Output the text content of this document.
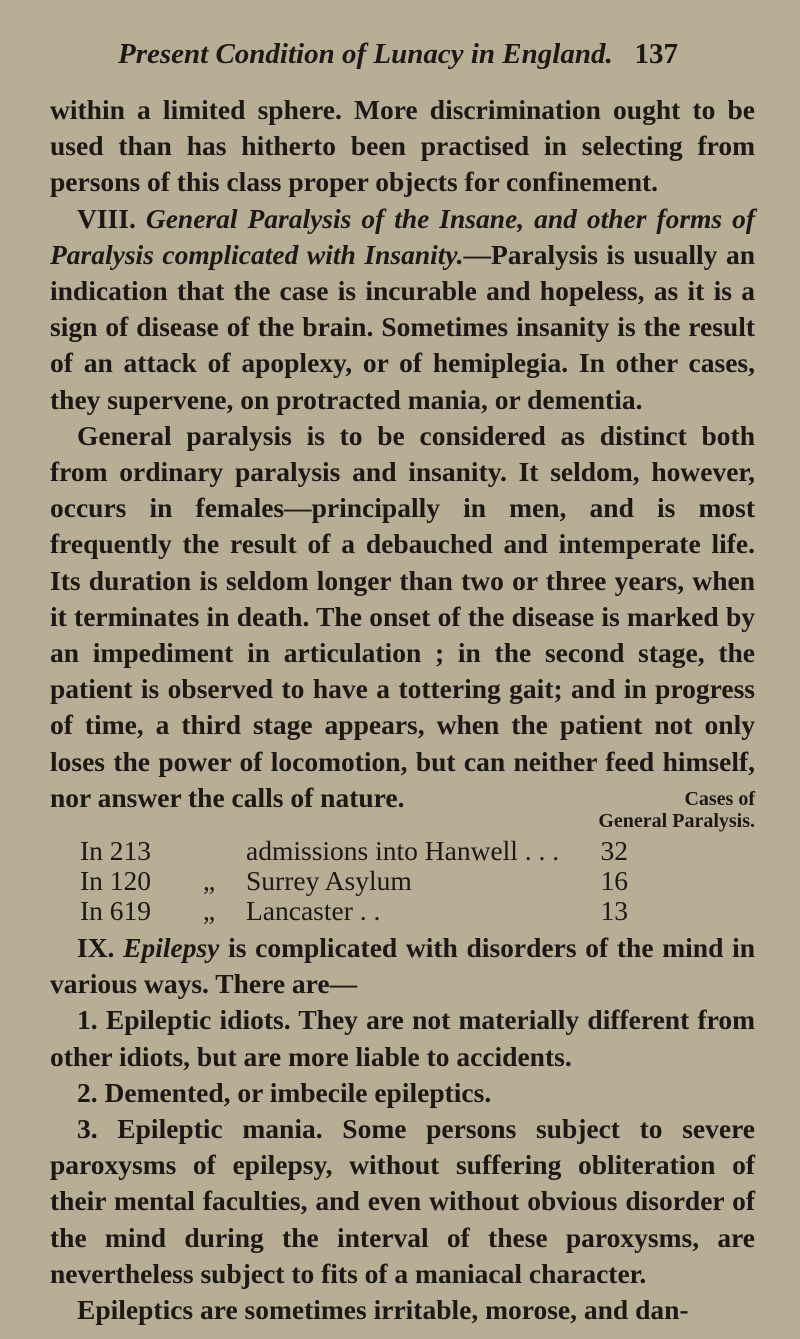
Present Condition of Lunacy in England. 137

within a limited sphere. More discrimination ought to be used than has hitherto been practised in selecting from persons of this class proper objects for confinement.

VIII. General Paralysis of the Insane, and other forms of Paralysis complicated with Insanity.—Paralysis is usually an indication that the case is incurable and hopeless, as it is a sign of disease of the brain. Sometimes insanity is the result of an attack of apoplexy, or of hemiplegia. In other cases, they supervene, on protracted mania, or dementia.

General paralysis is to be considered as distinct both from ordinary paralysis and insanity. It seldom, however, occurs in females—principally in men, and is most frequently the result of a debauched and intemperate life. Its duration is seldom longer than two or three years, when it terminates in death. The onset of the disease is marked by an impediment in articulation ; in the second stage, the patient is observed to have a tottering gait; and in progress of time, a third stage appears, when the patient not only loses the power of locomotion, but can neither feed himself, nor answer the calls of nature.	Cases of
General Paralysis.
In 213		admissions into Hanwell . . .	32
In 120	„	Surrey Asylum	16
In 619	„	Lancaster . .	13

IX. Epilepsy is complicated with disorders of the mind in various ways. There are—

1. Epileptic idiots. They are not materially different from other idiots, but are more liable to accidents.

2. Demented, or imbecile epileptics.

3. Epileptic mania. Some persons subject to severe paroxysms of epilepsy, without suffering obliteration of their mental faculties, and even without obvious disorder of the mind during the interval of these paroxysms, are nevertheless subject to fits of a maniacal character.

Epileptics are sometimes irritable, morose, and dan-
